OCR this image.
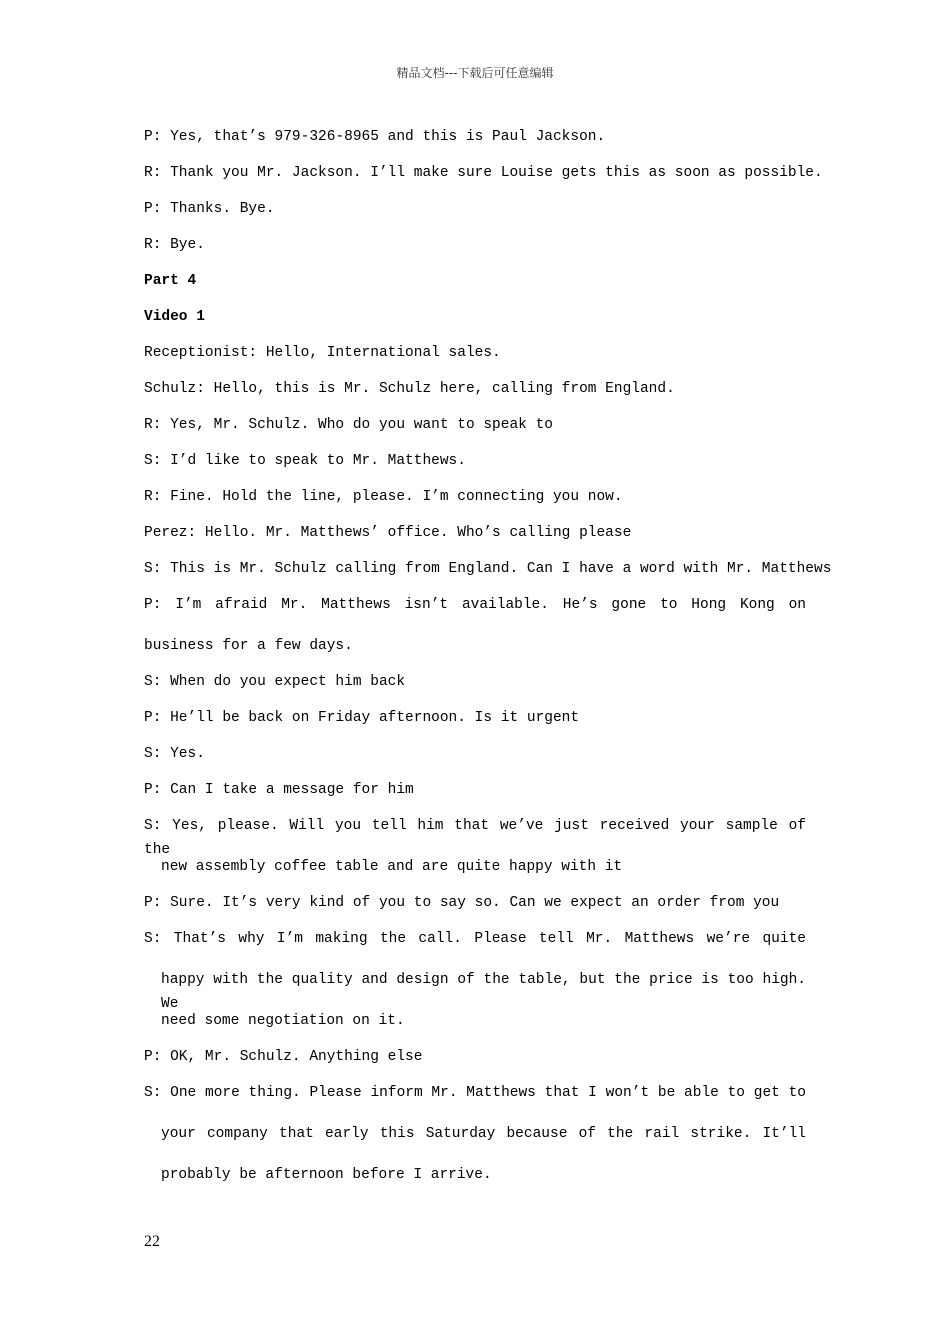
精品文档---下载后可任意编辑
P: Yes, that’s 979-326-8965 and this is Paul Jackson.
R: Thank you Mr. Jackson. I’ll make sure Louise gets this as soon as possible.
P: Thanks. Bye.
R: Bye.
Part 4
Video 1
Receptionist: Hello, International sales.
Schulz: Hello, this is Mr. Schulz here, calling from England.
R: Yes, Mr. Schulz. Who do you want to speak to
S: I’d like to speak to Mr. Matthews.
R: Fine. Hold the line, please. I’m connecting you now.
Perez: Hello. Mr. Matthews’ office. Who’s calling please
S: This is Mr. Schulz calling from England. Can I have a word with Mr. Matthews
P: I’m afraid Mr. Matthews isn’t available. He’s gone to Hong Kong on
business for a few days.
S: When do you expect him back
P: He’ll be back on Friday afternoon. Is it urgent
S: Yes.
P: Can I take a message for him
S: Yes, please. Will you tell him that we’ve just received your sample of the
new assembly coffee table and are quite happy with it
P: Sure. It’s very kind of you to say so. Can we expect an order from you
S: That’s why I’m making the call. Please tell Mr. Matthews we’re quite
happy with the quality and design of the table, but the price is too high. We
need some negotiation on it.
P: OK, Mr. Schulz. Anything else
S: One more thing. Please inform Mr. Matthews that I won’t be able to get to
your company that early this Saturday because of the rail strike. It’ll
probably be afternoon before I arrive.
22
